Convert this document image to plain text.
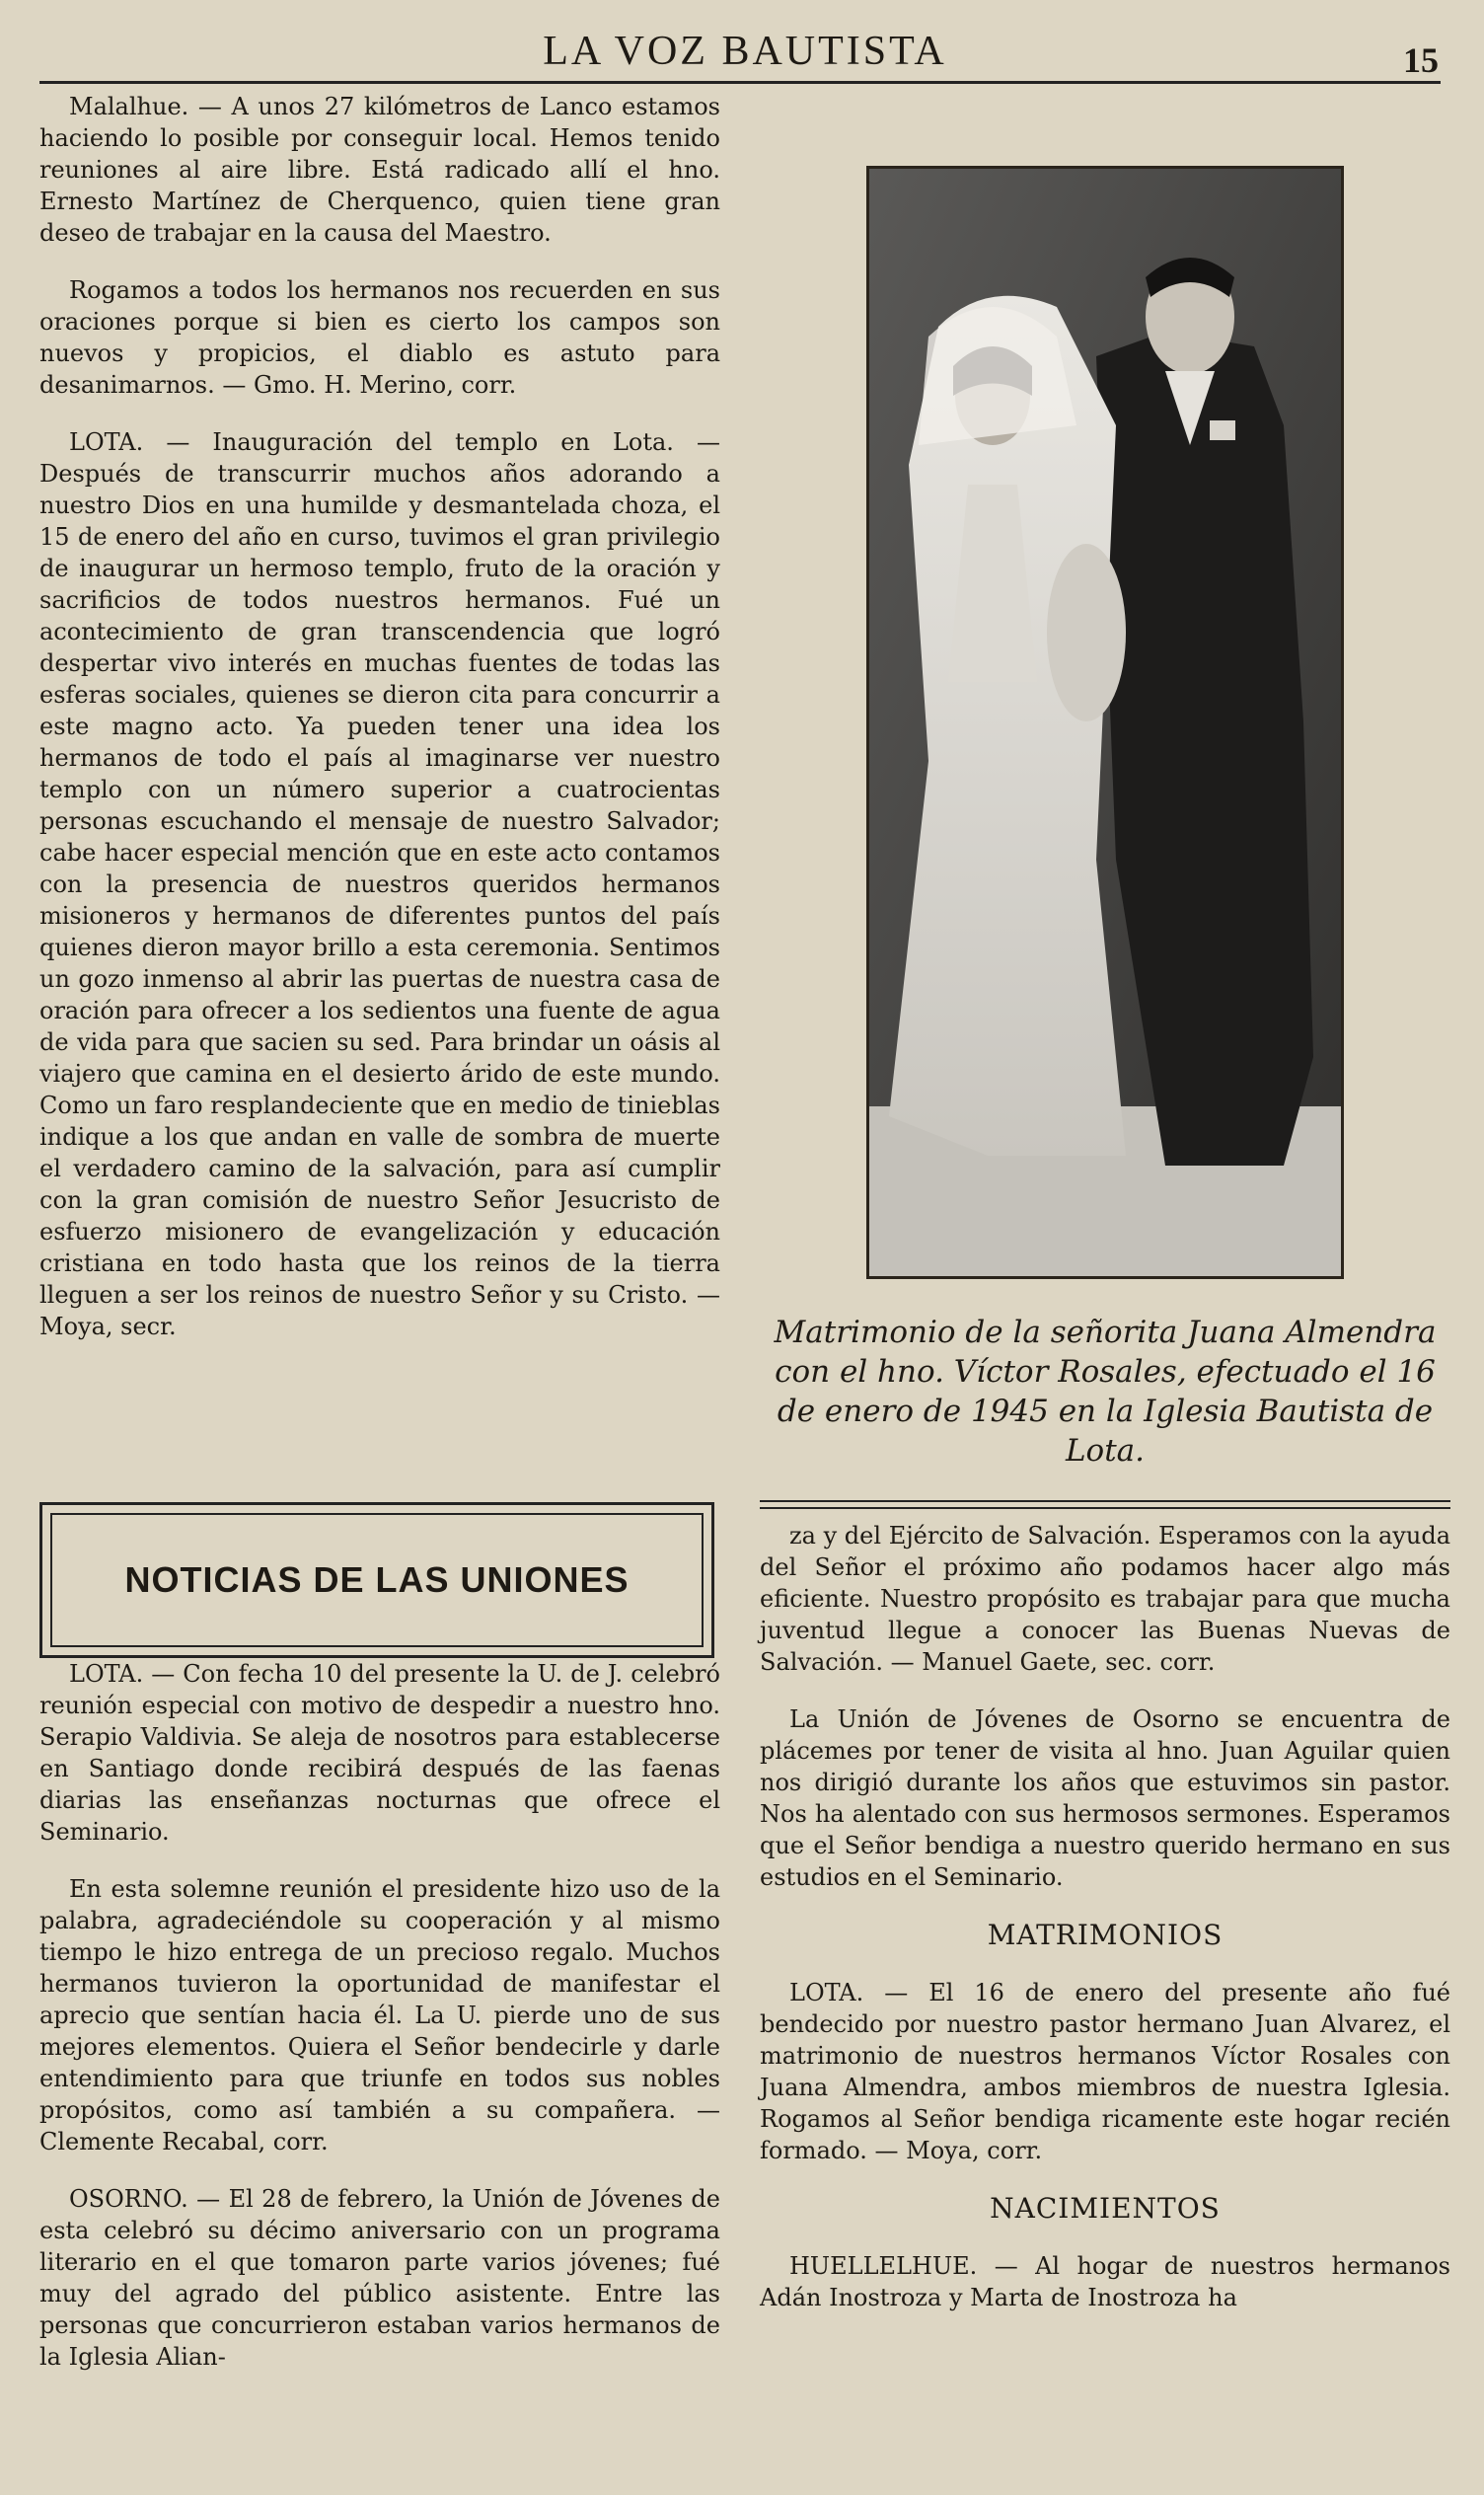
LA VOZ BAUTISTA	15

Malalhue. — A unos 27 kilómetros de Lanco estamos haciendo lo posible por conseguir local. Hemos tenido reuniones al aire libre. Está radicado allí el hno. Ernesto Martínez de Cherquenco, quien tiene gran deseo de trabajar en la causa del Maestro.

Rogamos a todos los hermanos nos recuerden en sus oraciones porque si bien es cierto los campos son nuevos y propicios, el diablo es astuto para desanimarnos. — Gmo. H. Merino, corr.

LOTA. — Inauguración del templo en Lota. — Después de transcurrir muchos años adorando a nuestro Dios en una humilde y desmantelada choza, el 15 de enero del año en curso, tuvimos el gran privilegio de inaugurar un hermoso templo, fruto de la oración y sacrificios de todos nuestros hermanos. Fué un acontecimiento de gran transcendencia que logró despertar vivo interés en muchas fuentes de todas las esferas sociales, quienes se dieron cita para concurrir a este magno acto. Ya pueden tener una idea los hermanos de todo el país al imaginarse ver nuestro templo con un número superior a cuatrocientas personas escuchando el mensaje de nuestro Salvador; cabe hacer especial mención que en este acto contamos con la presencia de nuestros queridos hermanos misioneros y hermanos de diferentes puntos del país quienes dieron mayor brillo a esta ceremonia. Sentimos un gozo inmenso al abrir las puertas de nuestra casa de oración para ofrecer a los sedientos una fuente de agua de vida para que sacien su sed. Para brindar un oásis al viajero que camina en el desierto árido de este mundo. Como un faro resplandeciente que en medio de tinieblas indique a los que andan en valle de sombra de muerte el verdadero camino de la salvación, para así cumplir con la gran comisión de nuestro Señor Jesucristo de esfuerzo misionero de evangelización y educación cristiana en todo hasta que los reinos de la tierra lleguen a ser los reinos de nuestro Señor y su Cristo. — Moya, secr.	Matrimonio de la señorita Juana Almendra con el hno. Víctor Rosales, efectuado el 16 de enero de 1945 en la Iglesia Bautista de Lota.
NOTICIAS DE LAS UNIONES

LOTA. — Con fecha 10 del presente la U. de J. celebró reunión especial con motivo de despedir a nuestro hno. Serapio Valdivia. Se aleja de nosotros para establecerse en Santiago donde recibirá después de las faenas diarias las enseñanzas nocturnas que ofrece el Seminario.

En esta solemne reunión el presidente hizo uso de la palabra, agradeciéndole su cooperación y al mismo tiempo le hizo entrega de un precioso regalo. Muchos hermanos tuvieron la oportunidad de manifestar el aprecio que sentían hacia él. La U. pierde uno de sus mejores elementos. Quiera el Señor bendecirle y darle entendimiento para que triunfe en todos sus nobles propósitos, como así también a su compañera. — Clemente Recabal, corr.

OSORNO. — El 28 de febrero, la Unión de Jóvenes de esta celebró su décimo aniversario con un programa literario en el que tomaron parte varios jóvenes; fué muy del agrado del público asistente. Entre las personas que concurrieron estaban varios hermanos de la Iglesia Alian-

za y del Ejército de Salvación. Esperamos con la ayuda del Señor el próximo año podamos hacer algo más eficiente. Nuestro propósito es trabajar para que mucha juventud llegue a conocer las Buenas Nuevas de Salvación. — Manuel Gaete, sec. corr.

La Unión de Jóvenes de Osorno se encuentra de plácemes por tener de visita al hno. Juan Aguilar quien nos dirigió durante los años que estuvimos sin pastor. Nos ha alentado con sus hermosos sermones. Esperamos que el Señor bendiga a nuestro querido hermano en sus estudios en el Seminario.

MATRIMONIOS

LOTA. — El 16 de enero del presente año fué bendecido por nuestro pastor hermano Juan Alvarez, el matrimonio de nuestros hermanos Víctor Rosales con Juana Almendra, ambos miembros de nuestra Iglesia. Rogamos al Señor bendiga ricamente este hogar recién formado. — Moya, corr.

NACIMIENTOS

HUELLELHUE. — Al hogar de nuestros hermanos Adán Inostroza y Marta de Inostroza ha
